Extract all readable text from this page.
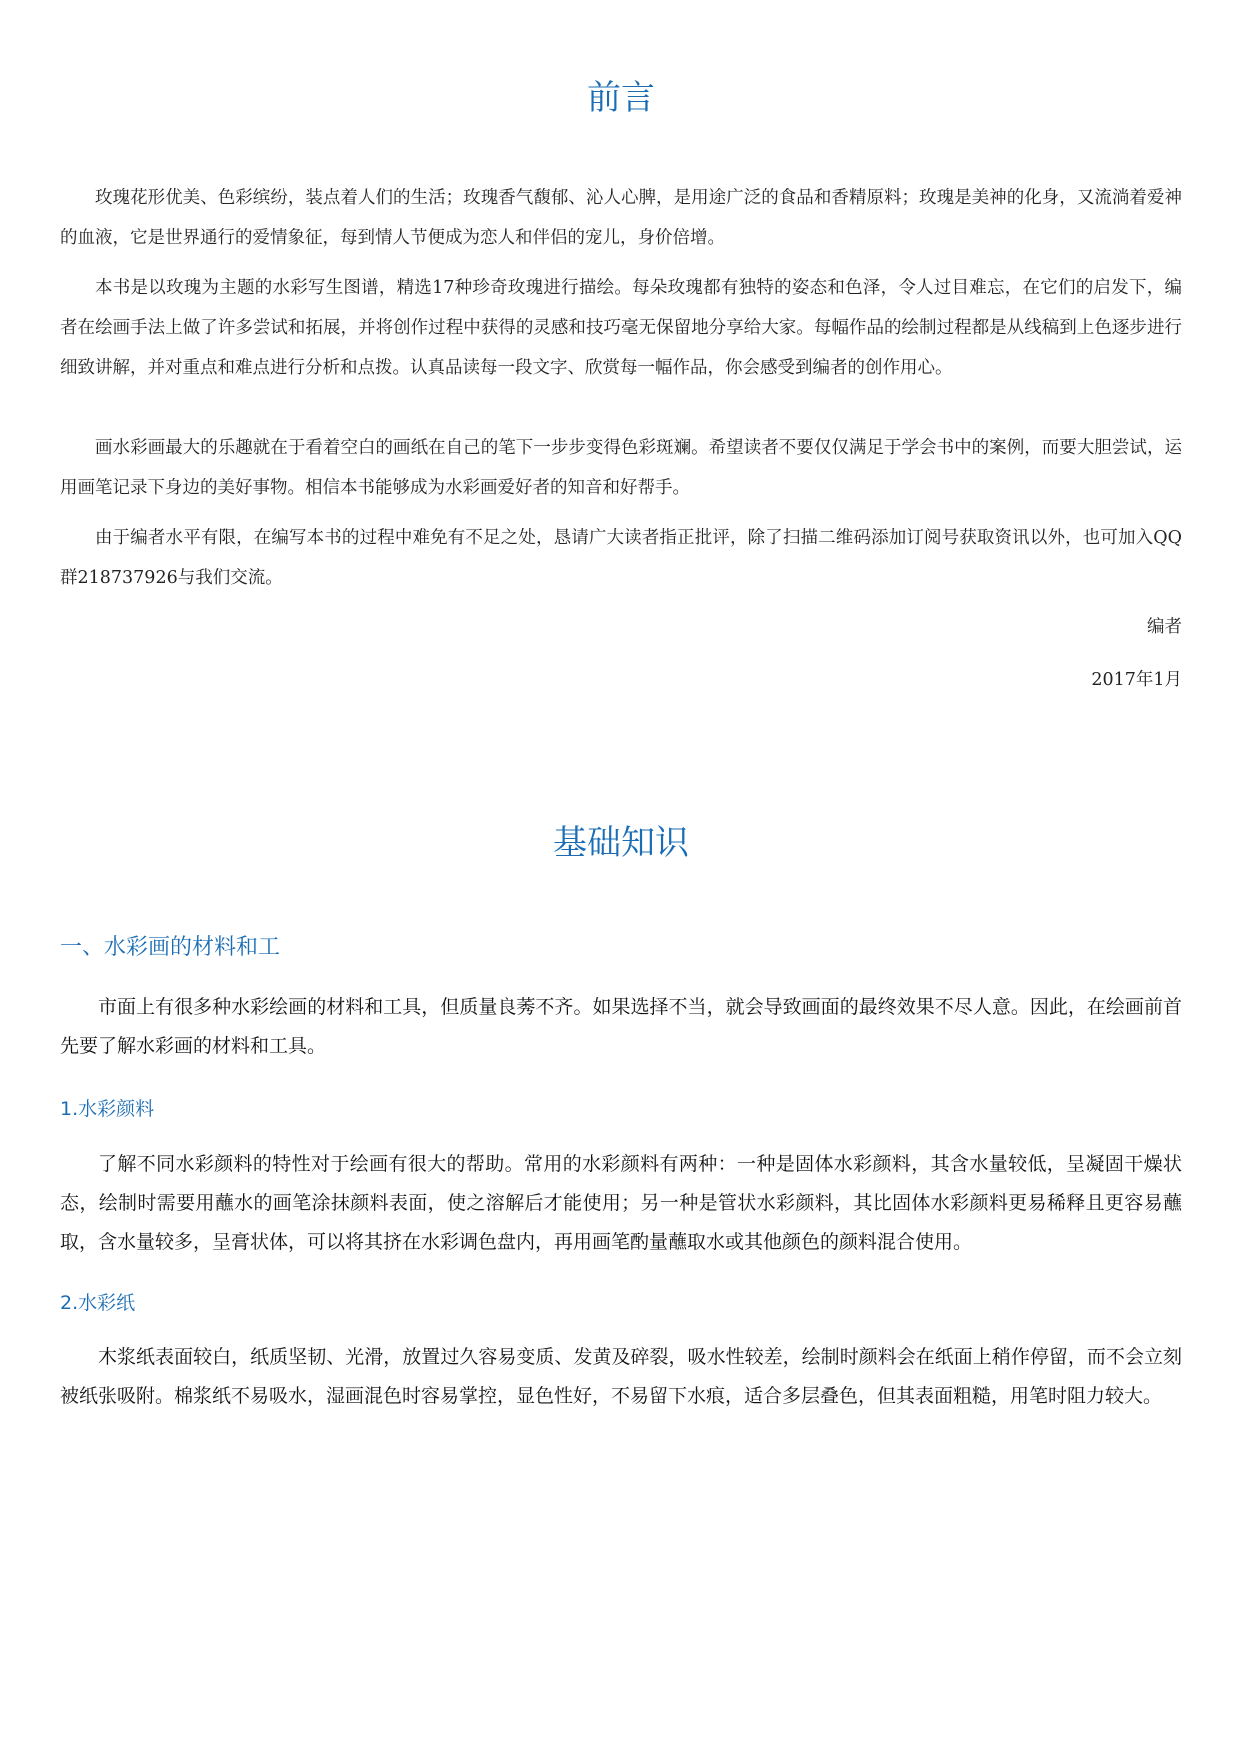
前言

玫瑰花形优美、色彩缤纷，装点着人们的生活；玫瑰香气馥郁、沁人心脾，是用途广泛的食品和香精原料；玫瑰是美神的化身，又流淌着爱神的血液，它是世界通行的爱情象征，每到情人节便成为恋人和伴侣的宠儿，身价倍增。

本书是以玫瑰为主题的水彩写生图谱，精选17种珍奇玫瑰进行描绘。每朵玫瑰都有独特的姿态和色泽，令人过目难忘，在它们的启发下，编者在绘画手法上做了许多尝试和拓展，并将创作过程中获得的灵感和技巧毫无保留地分享给大家。每幅作品的绘制过程都是从线稿到上色逐步进行细致讲解，并对重点和难点进行分析和点拨。认真品读每一段文字、欣赏每一幅作品，你会感受到编者的创作用心。

画水彩画最大的乐趣就在于看着空白的画纸在自己的笔下一步步变得色彩斑斓。希望读者不要仅仅满足于学会书中的案例，而要大胆尝试，运用画笔记录下身边的美好事物。相信本书能够成为水彩画爱好者的知音和好帮手。

由于编者水平有限，在编写本书的过程中难免有不足之处，恳请广大读者指正批评，除了扫描二维码添加订阅号获取资讯以外，也可加入QQ群218737926与我们交流。

编者

2017年1月

基础知识
一、水彩画的材料和工

市面上有很多种水彩绘画的材料和工具，但质量良莠不齐。如果选择不当，就会导致画面的最终效果不尽人意。因此，在绘画前首先要了解水彩画的材料和工具。

1.水彩颜料

了解不同水彩颜料的特性对于绘画有很大的帮助。常用的水彩颜料有两种：一种是固体水彩颜料，其含水量较低，呈凝固干燥状态，绘制时需要用蘸水的画笔涂抹颜料表面，使之溶解后才能使用；另一种是管状水彩颜料，其比固体水彩颜料更易稀释且更容易蘸取，含水量较多，呈膏状体，可以将其挤在水彩调色盘内，再用画笔酌量蘸取水或其他颜色的颜料混合使用。

2.水彩纸

木浆纸表面较白，纸质坚韧、光滑，放置过久容易变质、发黄及碎裂，吸水性较差，绘制时颜料会在纸面上稍作停留，而不会立刻被纸张吸附。棉浆纸不易吸水，湿画混色时容易掌控，显色性好，不易留下水痕，适合多层叠色，但其表面粗糙，用笔时阻力较大。
